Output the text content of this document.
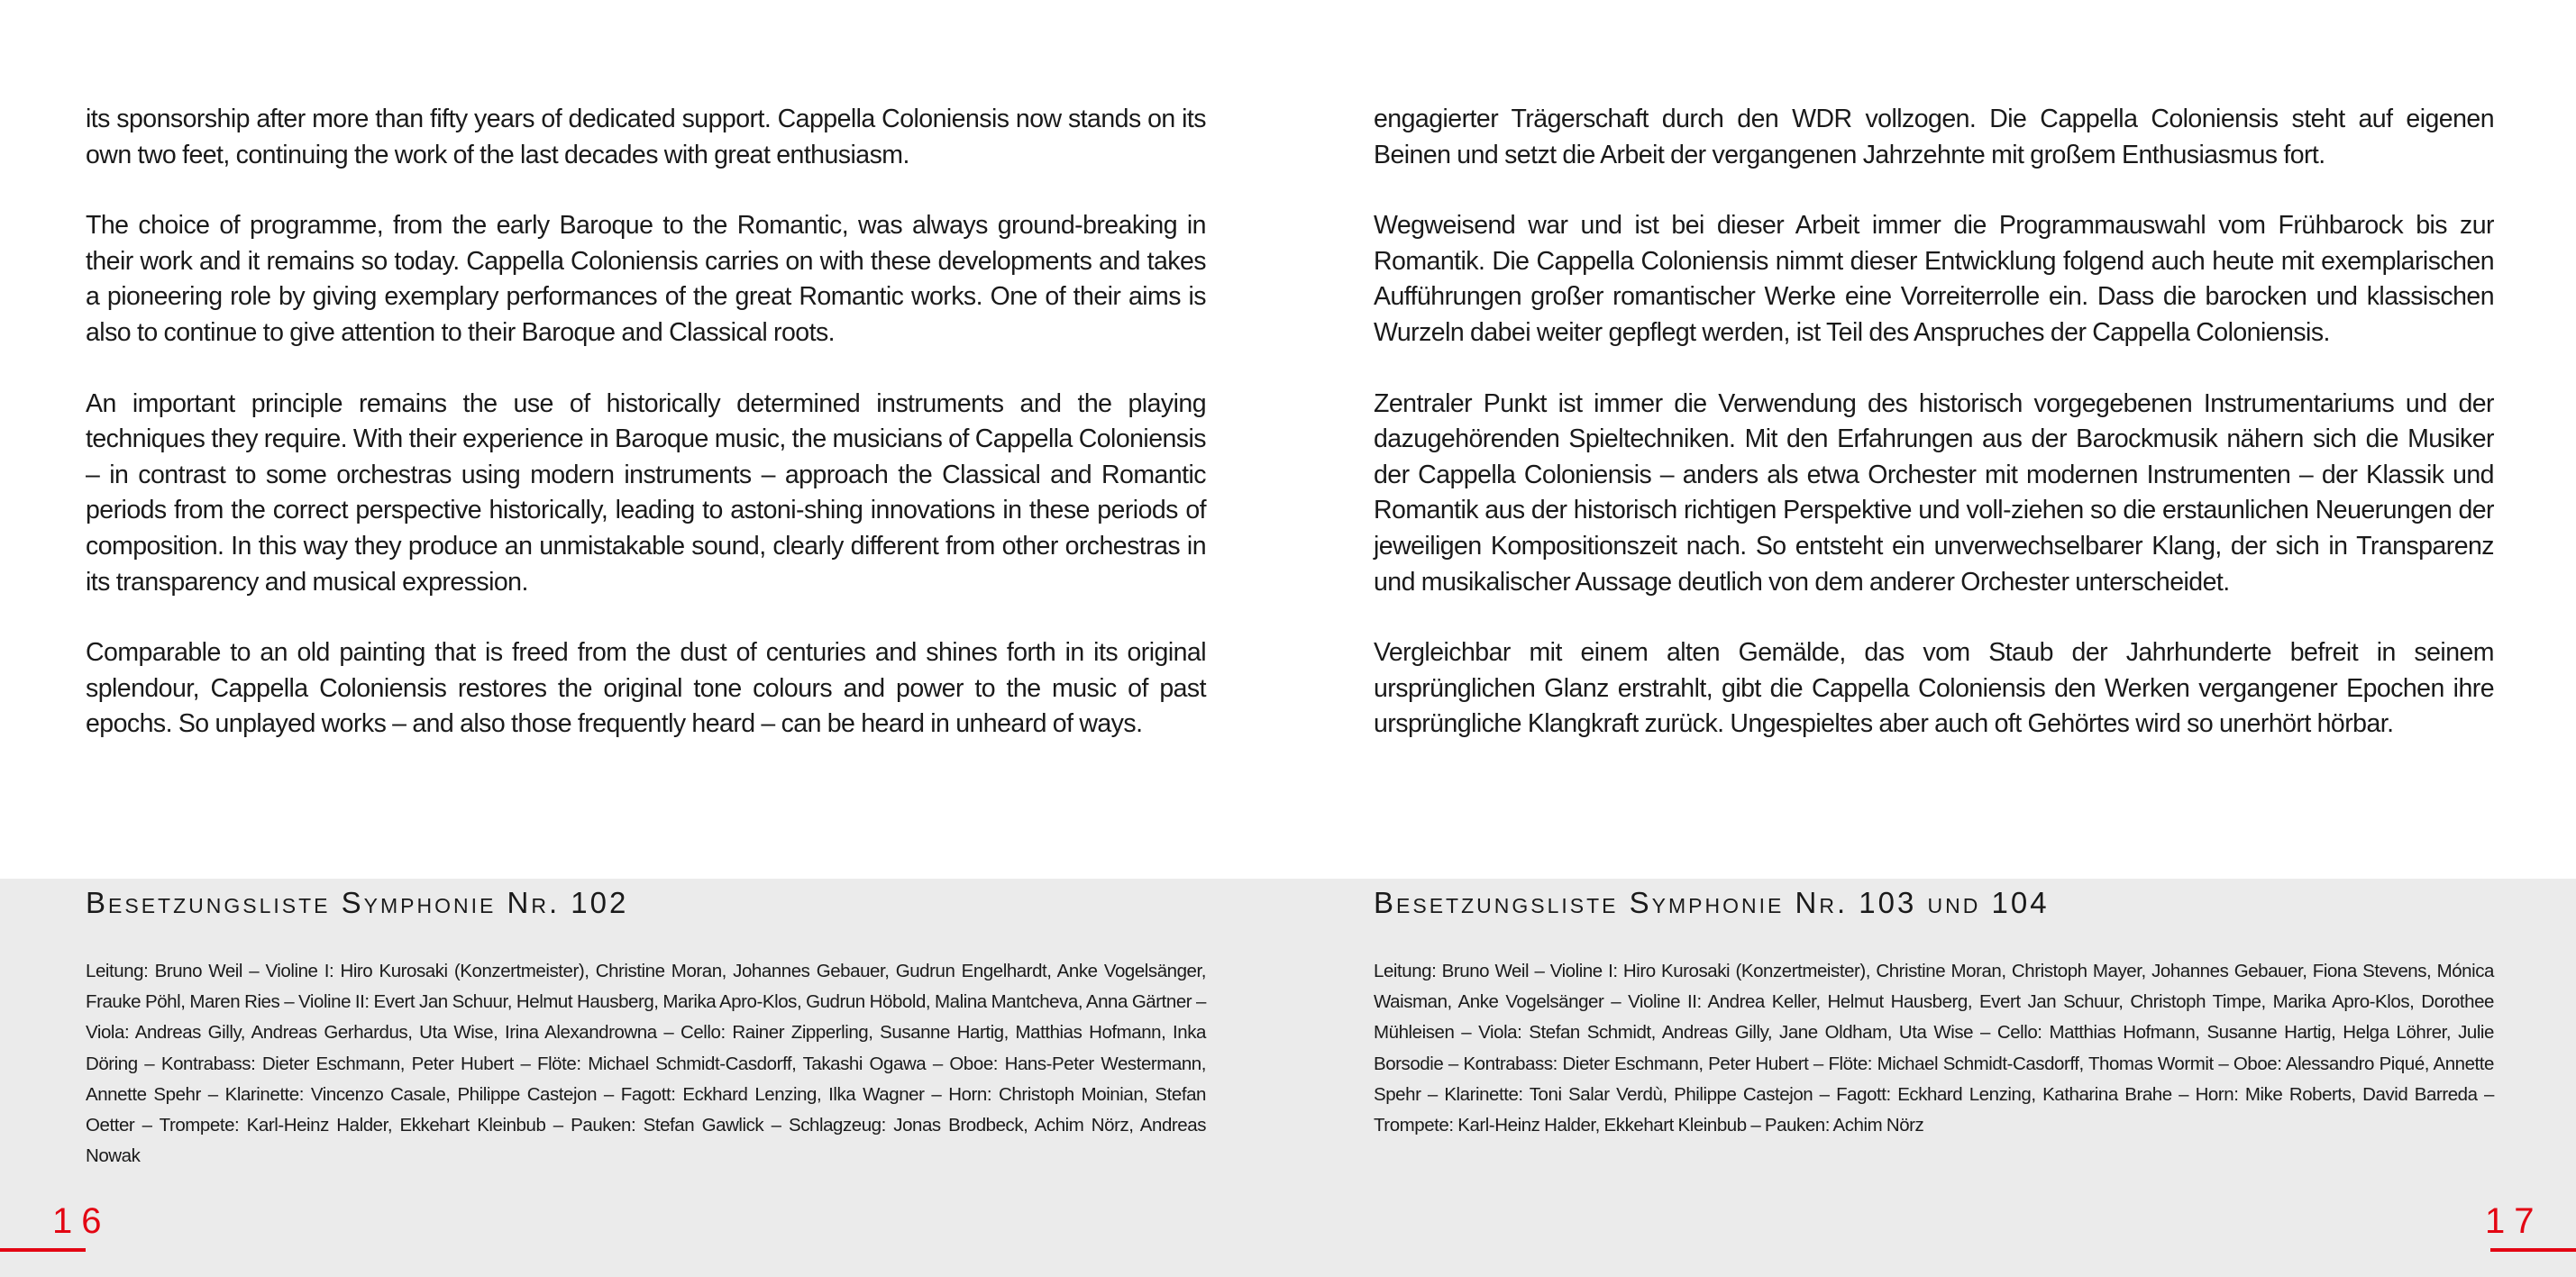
its sponsorship after more than fifty years of dedicated support. Cappella Coloniensis now stands on its own two feet, continuing the work of the last decades with great enthusiasm.

The choice of programme, from the early Baroque to the Romantic, was always ground-breaking in their work and it remains so today. Cappella Coloniensis carries on with these developments and takes a pioneering role by giving exemplary performances of the great Romantic works. One of their aims is also to continue to give attention to their Baroque and Classical roots.

An important principle remains the use of historically determined instruments and the playing techniques they require. With their experience in Baroque music, the musicians of Cappella Coloniensis – in contrast to some orchestras using modern instruments – approach the Classical and Romantic periods from the correct perspective historically, leading to astoni-shing innovations in these periods of composition. In this way they produce an unmistakable sound, clearly different from other orchestras in its transparency and musical expression.

Comparable to an old painting that is freed from the dust of centuries and shines forth in its original splendour, Cappella Coloniensis restores the original tone colours and power to the music of past epochs. So unplayed works – and also those frequently heard – can be heard in unheard of ways.

engagierter Trägerschaft durch den WDR vollzogen. Die Cappella Coloniensis steht auf eigenen Beinen und setzt die Arbeit der vergangenen Jahrzehnte mit großem Enthusiasmus fort.

Wegweisend war und ist bei dieser Arbeit immer die Programmauswahl vom Frühbarock bis zur Romantik. Die Cappella Coloniensis nimmt dieser Entwicklung folgend auch heute mit exemplarischen Aufführungen großer romantischer Werke eine Vorreiterrolle ein. Dass die barocken und klassischen Wurzeln dabei weiter gepflegt werden, ist Teil des Anspruches der Cappella Coloniensis.

Zentraler Punkt ist immer die Verwendung des historisch vorgegebenen Instrumentariums und der dazugehörenden Spieltechniken. Mit den Erfahrungen aus der Barockmusik nähern sich die Musiker der Cappella Coloniensis – anders als etwa Orchester mit modernen Instrumenten – der Klassik und Romantik aus der historisch richtigen Perspektive und voll-ziehen so die erstaunlichen Neuerungen der jeweiligen Kompositionszeit nach. So entsteht ein unverwechselbarer Klang, der sich in Transparenz und musikalischer Aussage deutlich von dem anderer Orchester unterscheidet.

Vergleichbar mit einem alten Gemälde, das vom Staub der Jahrhunderte befreit in seinem ursprünglichen Glanz erstrahlt, gibt die Cappella Coloniensis den Werken vergangener Epochen ihre ursprüngliche Klangkraft zurück. Ungespieltes aber auch oft Gehörtes wird so unerhört hörbar.

Besetzungsliste Symphonie Nr. 102

Leitung: Bruno Weil – Violine I: Hiro Kurosaki (Konzertmeister), Christine Moran, Johannes Gebauer, Gudrun Engelhardt, Anke Vogelsänger, Frauke Pöhl, Maren Ries – Violine II: Evert Jan Schuur, Helmut Hausberg, Marika Apro-Klos, Gudrun Höbold, Malina Mantcheva, Anna Gärtner – Viola: Andreas Gilly, Andreas Gerhardus, Uta Wise, Irina Alexandrowna – Cello: Rainer Zipperling, Susanne Hartig, Matthias Hofmann, Inka Döring – Kontrabass: Dieter Eschmann, Peter Hubert – Flöte: Michael Schmidt-Casdorff, Takashi Ogawa – Oboe: Hans-Peter Westermann, Annette Spehr – Klarinette: Vincenzo Casale, Philippe Castejon – Fagott: Eckhard Lenzing, Ilka Wagner – Horn: Christoph Moinian, Stefan Oetter – Trompete: Karl-Heinz Halder, Ekkehart Kleinbub – Pauken: Stefan Gawlick – Schlagzeug: Jonas Brodbeck, Achim Nörz, Andreas Nowak

Besetzungsliste Symphonie Nr. 103 und 104

Leitung: Bruno Weil – Violine I: Hiro Kurosaki (Konzertmeister), Christine Moran, Christoph Mayer, Johannes Gebauer, Fiona Stevens, Mónica Waisman, Anke Vogelsänger – Violine II: Andrea Keller, Helmut Hausberg, Evert Jan Schuur, Christoph Timpe, Marika Apro-Klos, Dorothee Mühleisen – Viola: Stefan Schmidt, Andreas Gilly, Jane Oldham, Uta Wise – Cello: Matthias Hofmann, Susanne Hartig, Helga Löhrer, Julie Borsodie – Kontrabass: Dieter Eschmann, Peter Hubert – Flöte: Michael Schmidt-Casdorff, Thomas Wormit – Oboe: Alessandro Piqué, Annette Spehr – Klarinette: Toni Salar Verdù, Philippe Castejon – Fagott: Eckhard Lenzing, Katharina Brahe – Horn: Mike Roberts, David Barreda – Trompete: Karl-Heinz Halder, Ekkehart Kleinbub – Pauken: Achim Nörz

16	17
